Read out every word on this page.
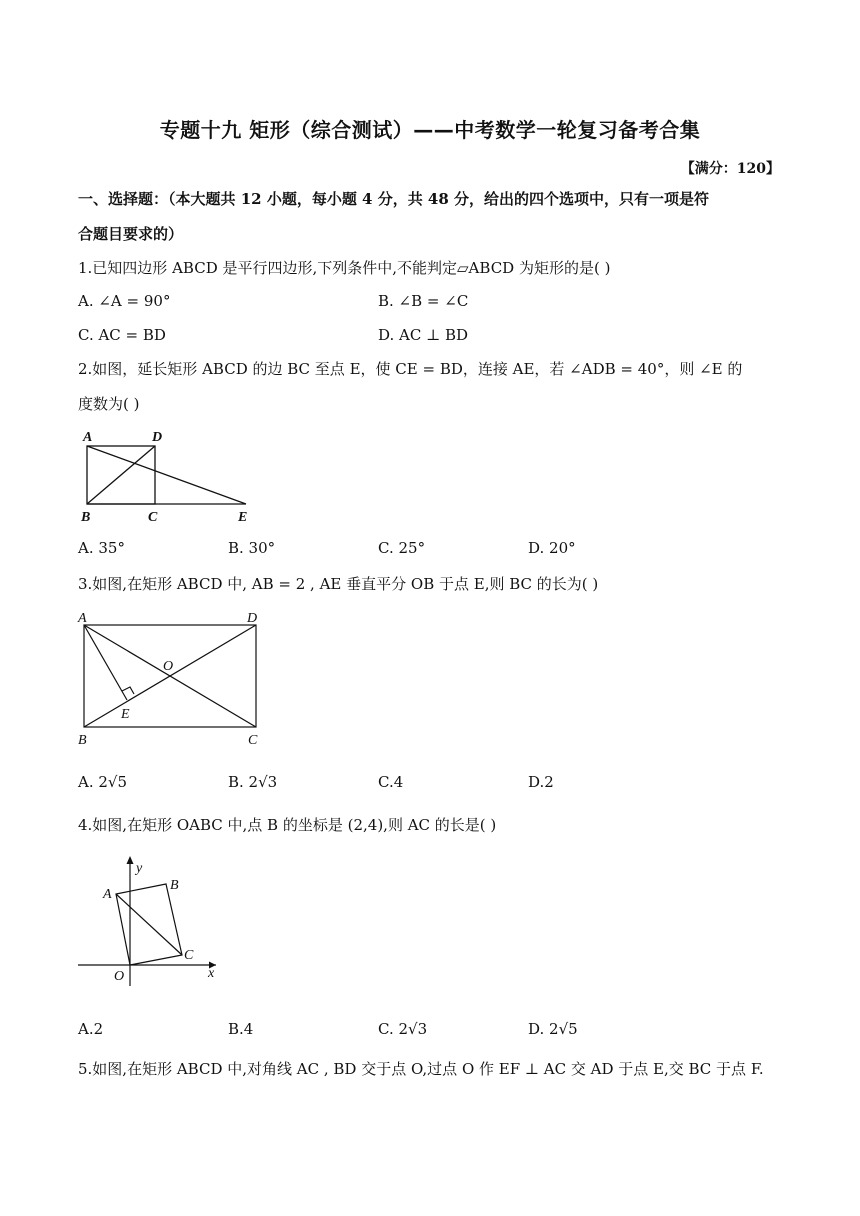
专题十九 矩形（综合测试）——中考数学一轮复习备考合集
【满分：120】
一、选择题：（本大题共 12 小题，每小题 4 分，共 48 分，给出的四个选项中，只有一项是符
合题目要求的）
1.已知四边形 ABCD 是平行四边形,下列条件中,不能判定▱ABCD 为矩形的是( )
A. ∠A = 90°	B. ∠B = ∠C
C. AC = BD	D. AC ⊥ BD
2.如图，延长矩形 ABCD 的边 BC 至点 E，使 CE = BD，连接 AE，若 ∠ADB = 40°，则 ∠E 的
度数为( )
A	D
B	C	E
A. 35°	B. 30°	C. 25°	D. 20°
3.如图,在矩形 ABCD 中, AB = 2 , AE 垂直平分 OB 于点 E,则 BC 的长为( )
A	D
O
E
B	C
A. 2√5	B. 2√3	C.4	D.2
4.如图,在矩形 OABC 中,点 B 的坐标是 (2,4),则 AC 的长是( )
y
A
B
C
O	x
A.2	B.4	C. 2√3	D. 2√5
5.如图,在矩形 ABCD 中,对角线 AC , BD 交于点 O,过点 O 作 EF ⊥ AC 交 AD 于点 E,交 BC 于点 F.
